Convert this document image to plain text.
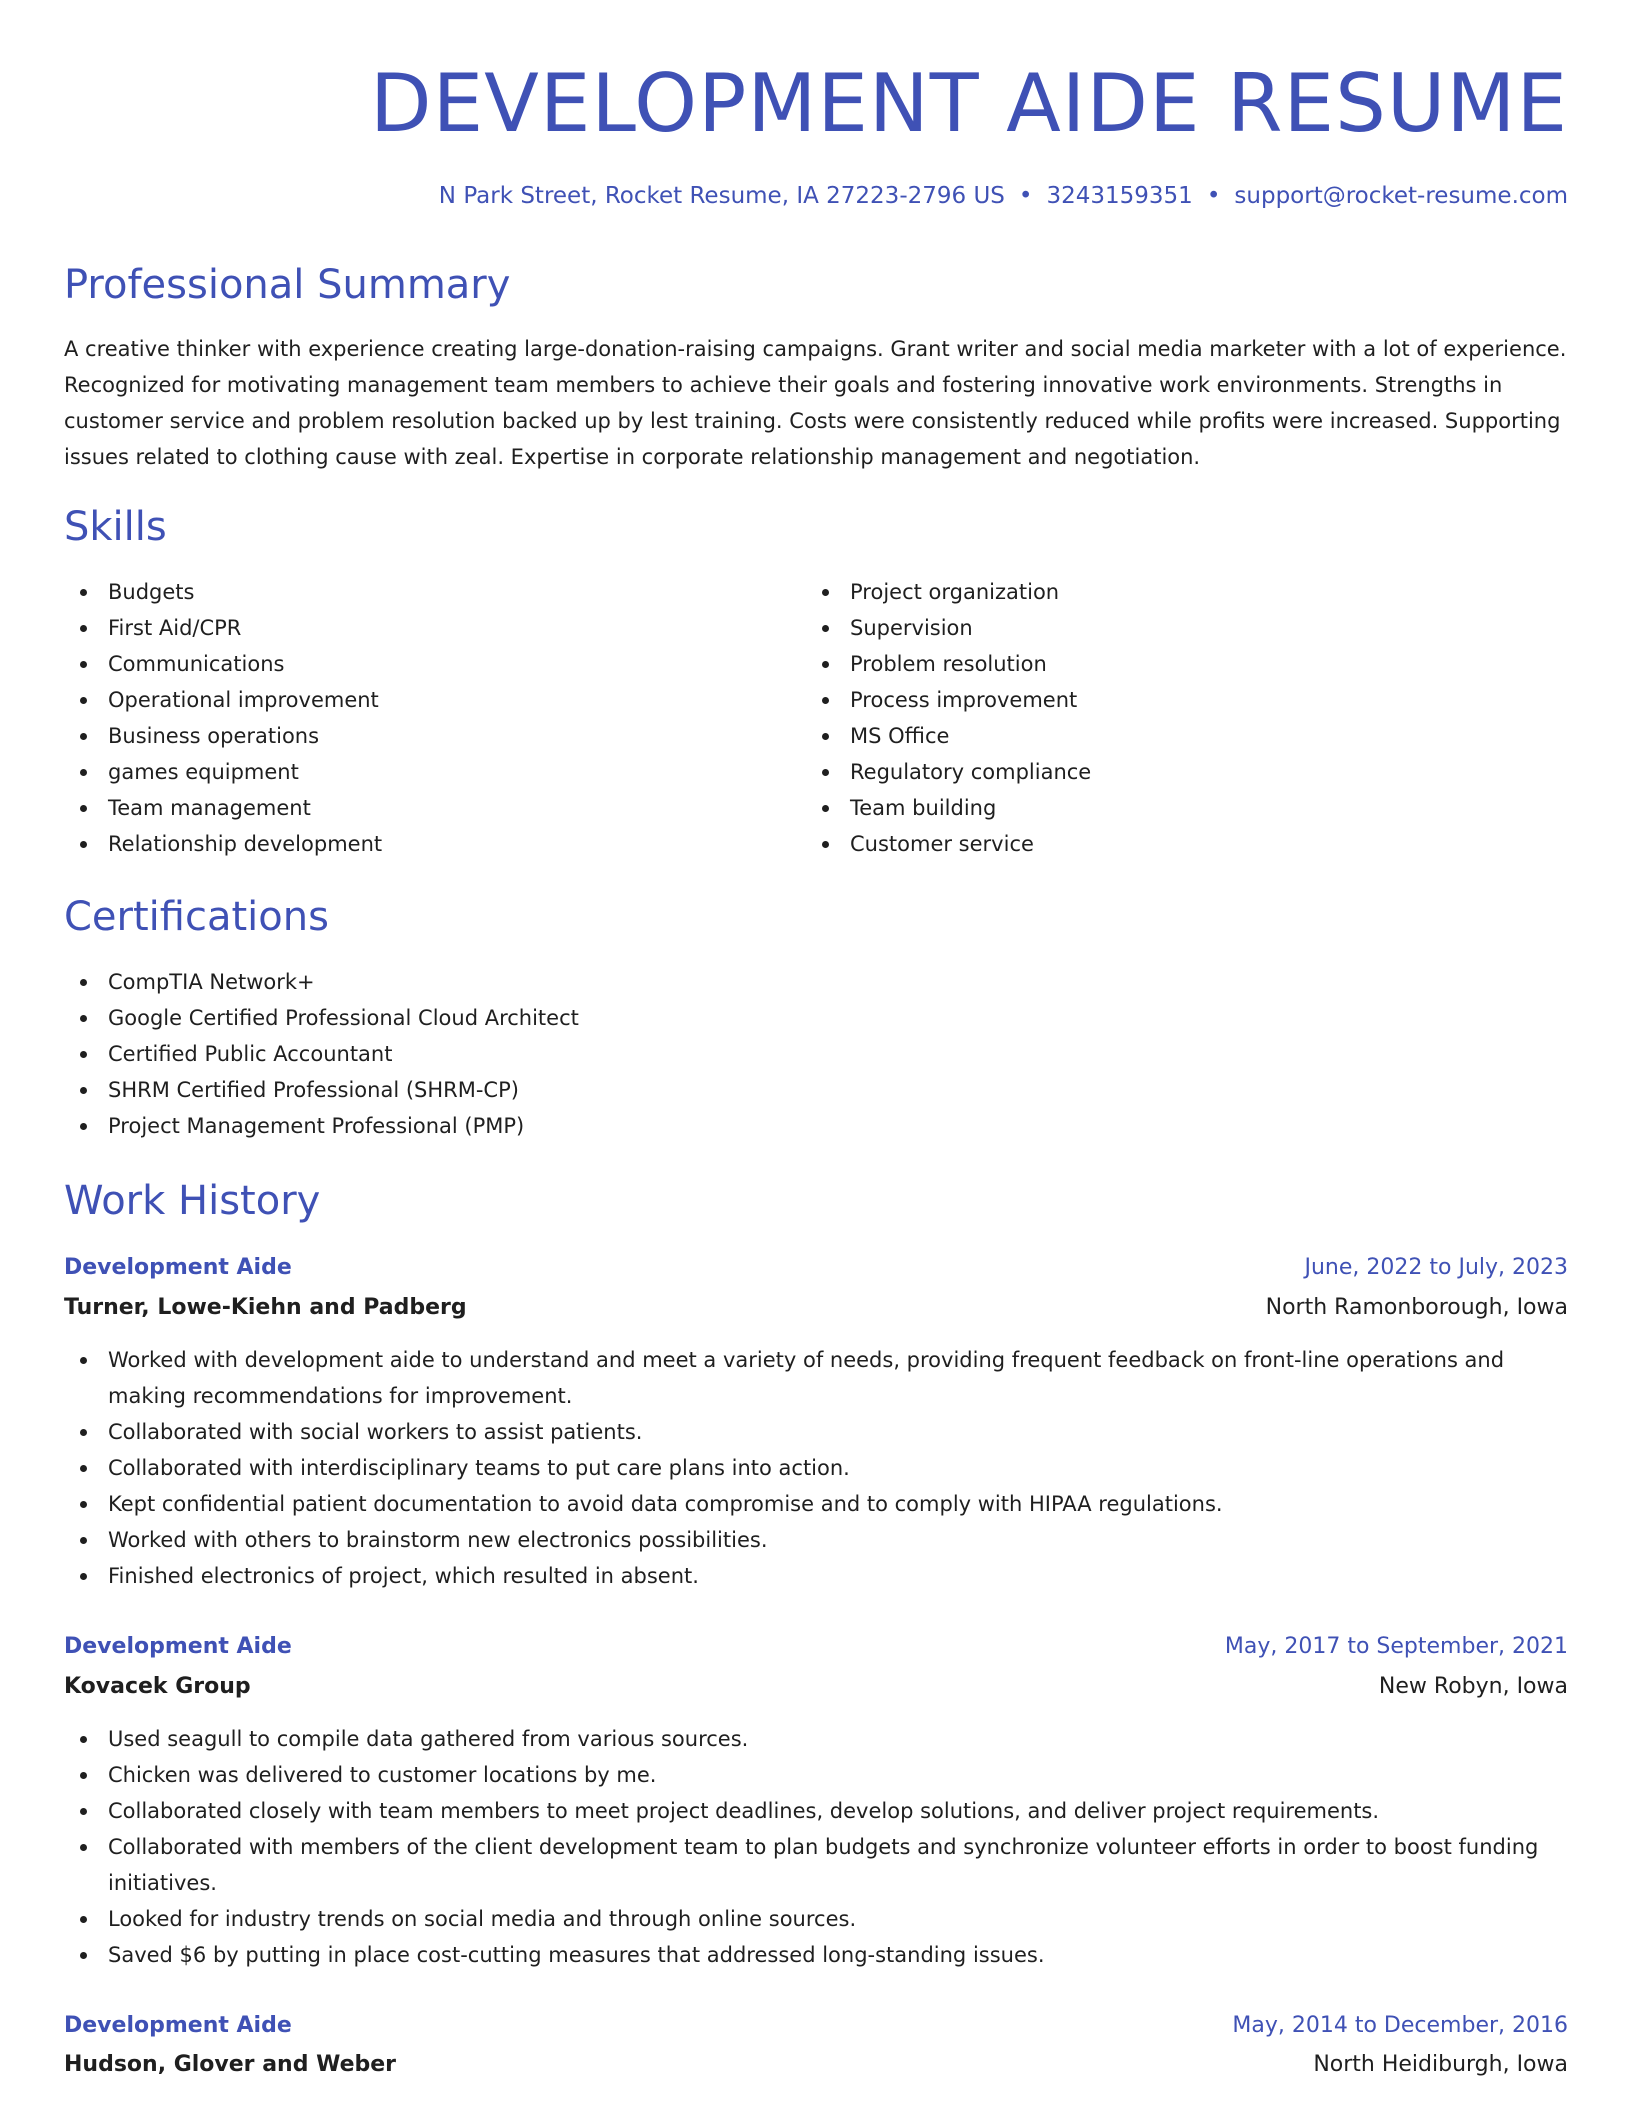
DEVELOPMENT AIDE RESUME
N Park Street, Rocket Resume, IA 27223-2796 US • 3243159351 • support@rocket-resume.com
Professional Summary
A creative thinker with experience creating large-donation-raising campaigns. Grant writer and social media marketer with a lot of experience. Recognized for motivating management team members to achieve their goals and fostering innovative work environments. Strengths in customer service and problem resolution backed up by lest training. Costs were consistently reduced while profits were increased. Supporting issues related to clothing cause with zeal. Expertise in corporate relationship management and negotiation.
Skills
Budgets
First Aid/CPR
Communications
Operational improvement
Business operations
games equipment
Team management
Relationship development
Project organization
Supervision
Problem resolution
Process improvement
MS Office
Regulatory compliance
Team building
Customer service
Certifications
CompTIA Network+
Google Certified Professional Cloud Architect
Certified Public Accountant
SHRM Certified Professional (SHRM-CP)
Project Management Professional (PMP)
Work History
Development Aide	June, 2022 to July, 2023
Turner, Lowe-Kiehn and Padberg	North Ramonborough, Iowa
Worked with development aide to understand and meet a variety of needs, providing frequent feedback on front-line operations and making recommendations for improvement.
Collaborated with social workers to assist patients.
Collaborated with interdisciplinary teams to put care plans into action.
Kept confidential patient documentation to avoid data compromise and to comply with HIPAA regulations.
Worked with others to brainstorm new electronics possibilities.
Finished electronics of project, which resulted in absent.
Development Aide	May, 2017 to September, 2021
Kovacek Group	New Robyn, Iowa
Used seagull to compile data gathered from various sources.
Chicken was delivered to customer locations by me.
Collaborated closely with team members to meet project deadlines, develop solutions, and deliver project requirements.
Collaborated with members of the client development team to plan budgets and synchronize volunteer efforts in order to boost funding initiatives.
Looked for industry trends on social media and through online sources.
Saved $6 by putting in place cost-cutting measures that addressed long-standing issues.
Development Aide	May, 2014 to December, 2016
Hudson, Glover and Weber	North Heidiburgh, Iowa
